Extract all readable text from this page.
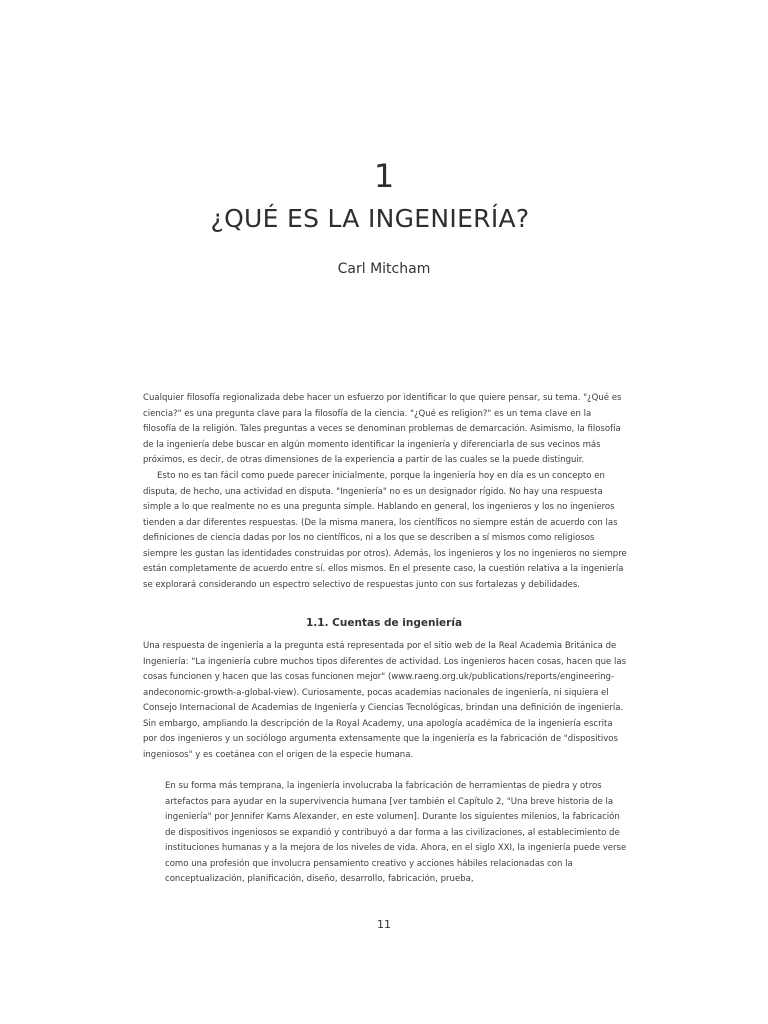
1
¿QUÉ ES LA INGENIERÍA?
Carl Mitcham

Cualquier filosofía regionalizada debe hacer un esfuerzo por identificar lo que quiere pensar, su tema. "¿Qué es ciencia?" es una pregunta clave para la filosofía de la ciencia. "¿Qué es religion?" es un tema clave en la filosofía de la religión. Tales preguntas a veces se denominan problemas de demarcación. Asimismo, la filosofía de la ingeniería debe buscar en algún momento identificar la ingeniería y diferenciarla de sus vecinos más próximos, es decir, de otras dimensiones de la experiencia a partir de las cuales se la puede distinguir.

Esto no es tan fácil como puede parecer inicialmente, porque la ingeniería hoy en día es un concepto en disputa, de hecho, una actividad en disputa. "Ingeniería" no es un designador rígido. No hay una respuesta simple a lo que realmente no es una pregunta simple. Hablando en general, los ingenieros y los no ingenieros tienden a dar diferentes respuestas. (De la misma manera, los científicos no siempre están de acuerdo con las definiciones de ciencia dadas por los no científicos, ni a los que se describen a sí mismos como religiosos siempre les gustan las identidades construidas por otros). Además, los ingenieros y los no ingenieros no siempre están completamente de acuerdo entre sí. ellos mismos. En el presente caso, la cuestión relativa a la ingeniería se explorará considerando un espectro selectivo de respuestas junto con sus fortalezas y debilidades.

1.1. Cuentas de ingeniería

Una respuesta de ingeniería a la pregunta está representada por el sitio web de la Real Academia Británica de Ingeniería: "La ingeniería cubre muchos tipos diferentes de actividad. Los ingenieros hacen cosas, hacen que las cosas funcionen y hacen que las cosas funcionen mejor" (www.raeng.org.uk/publications/reports/engineering-andeconomic-growth-a-global-view). Curiosamente, pocas academias nacionales de ingeniería, ni siquiera el Consejo Internacional de Academias de Ingeniería y Ciencias Tecnológicas, brindan una definición de ingeniería. Sin embargo, ampliando la descripción de la Royal Academy, una apología académica de la ingeniería escrita por dos ingenieros y un sociólogo argumenta extensamente que la ingeniería es la fabricación de "dispositivos ingeniosos" y es coetánea con el origen de la especie humana.

En su forma más temprana, la ingeniería involucraba la fabricación de herramientas de piedra y otros artefactos para ayudar en la supervivencia humana [ver también el Capítulo 2, "Una breve historia de la ingeniería" por Jennifer Karns Alexander, en este volumen]. Durante los siguientes milenios, la fabricación de dispositivos ingeniosos se expandió y contribuyó a dar forma a las civilizaciones, al establecimiento de instituciones humanas y a la mejora de los niveles de vida. Ahora, en el siglo XXI, la ingeniería puede verse como una profesión que involucra pensamiento creativo y acciones hábiles relacionadas con la conceptualización, planificación, diseño, desarrollo, fabricación, prueba,

11
